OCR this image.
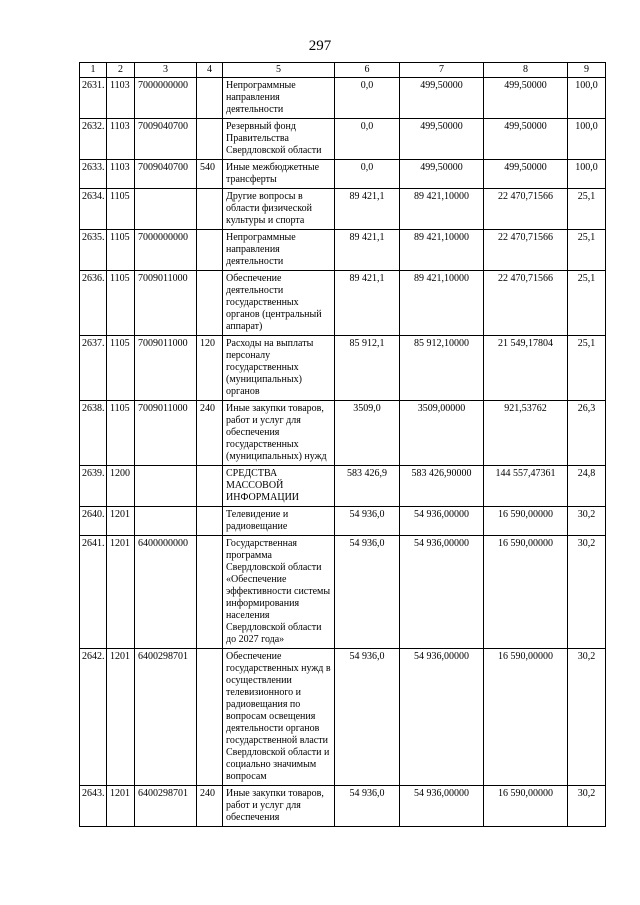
297
1	2	3	4	5	6	7	8	9
2631.	1103	7000000000		Непрограммные направления деятельности	0,0	499,50000	499,50000	100,0
2632.	1103	7009040700		Резервный фонд Правительства Свердловской области	0,0	499,50000	499,50000	100,0
2633.	1103	7009040700	540	Иные межбюджетные трансферты	0,0	499,50000	499,50000	100,0
2634.	1105			Другие вопросы в области физической культуры и спорта	89 421,1	89 421,10000	22 470,71566	25,1
2635.	1105	7000000000		Непрограммные направления деятельности	89 421,1	89 421,10000	22 470,71566	25,1
2636.	1105	7009011000		Обеспечение деятельности государственных органов (центральный аппарат)	89 421,1	89 421,10000	22 470,71566	25,1
2637.	1105	7009011000	120	Расходы на выплаты персоналу государственных (муниципальных) органов	85 912,1	85 912,10000	21 549,17804	25,1
2638.	1105	7009011000	240	Иные закупки товаров, работ и услуг для обеспечения государственных (муниципальных) нужд	3509,0	3509,00000	921,53762	26,3
2639.	1200			СРЕДСТВА МАССОВОЙ ИНФОРМАЦИИ	583 426,9	583 426,90000	144 557,47361	24,8
2640.	1201			Телевидение и радиовещание	54 936,0	54 936,00000	16 590,00000	30,2
2641.	1201	6400000000		Государственная программа Свердловской области «Обеспечение эффективности системы информирования населения Свердловской области до 2027 года»	54 936,0	54 936,00000	16 590,00000	30,2
2642.	1201	6400298701		Обеспечение государственных нужд в осуществлении телевизионного и радиовещания по вопросам освещения деятельности органов государственной власти Свердловской области и социально значимым вопросам	54 936,0	54 936,00000	16 590,00000	30,2
2643.	1201	6400298701	240	Иные закупки товаров, работ и услуг для обеспечения	54 936,0	54 936,00000	16 590,00000	30,2
